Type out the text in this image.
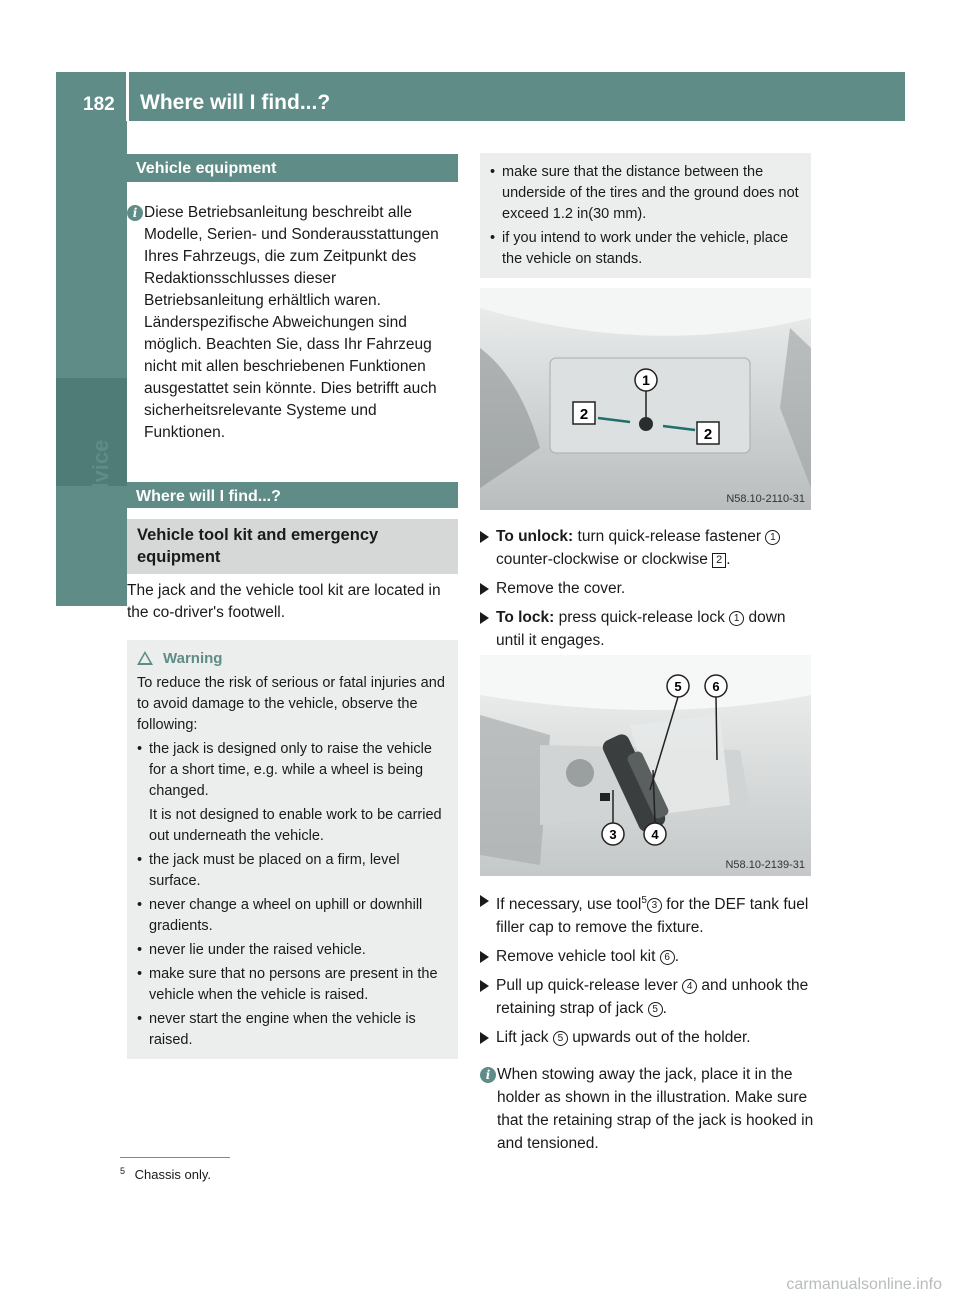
182 Where will I find...?
Practical advice
Vehicle equipment
i Diese Betriebsanleitung beschreibt alle Modelle, Serien- und Sonderausstattungen Ihres Fahrzeugs, die zum Zeitpunkt des Redaktionsschlusses dieser Betriebsanleitung erhältlich waren. Länderspezifische Abweichungen sind möglich. Beachten Sie, dass Ihr Fahrzeug nicht mit allen beschriebenen Funktionen ausgestattet sein könnte. Dies betrifft auch sicherheitsrelevante Systeme und Funktionen.
Where will I find...?
Vehicle tool kit and emergency equipment
The jack and the vehicle tool kit are located in the co-driver's footwell.
Warning
To reduce the risk of serious or fatal injuries and to avoid damage to the vehicle, observe the following:
• the jack is designed only to raise the vehicle for a short time, e.g. while a wheel is being changed.
It is not designed to enable work to be carried out underneath the vehicle.
• the jack must be placed on a firm, level surface.
• never change a wheel on uphill or downhill gradients.
• never lie under the raised vehicle.
• make sure that no persons are present in the vehicle when the vehicle is raised.
• never start the engine when the vehicle is raised.
• make sure that the distance between the underside of the tires and the ground does not exceed 1.2 in(30 mm).
• if you intend to work under the vehicle, place the vehicle on stands.
1
2
2
N58.10-2110-31
To unlock: turn quick-release fastener 1 counter-clockwise or clockwise 2 .
Remove the cover.
To lock: press quick-release lock 1 down until it engages.
5 6
3	4
N58.10-2139-31
If necessary, use tool$^5$ 3 for the DEF tank fuel filler cap to remove the fixture.
Remove vehicle tool kit 6 .
Pull up quick-release lever 4 and unhook the retaining strap of jack 5 .
Lift jack 5 upwards out of the holder.
i When stowing away the jack, place it in the holder as shown in the illustration. Make sure that the retaining strap of the jack is hooked in and tensioned.
$^5$ Chassis only.
carmanualsonline.info
